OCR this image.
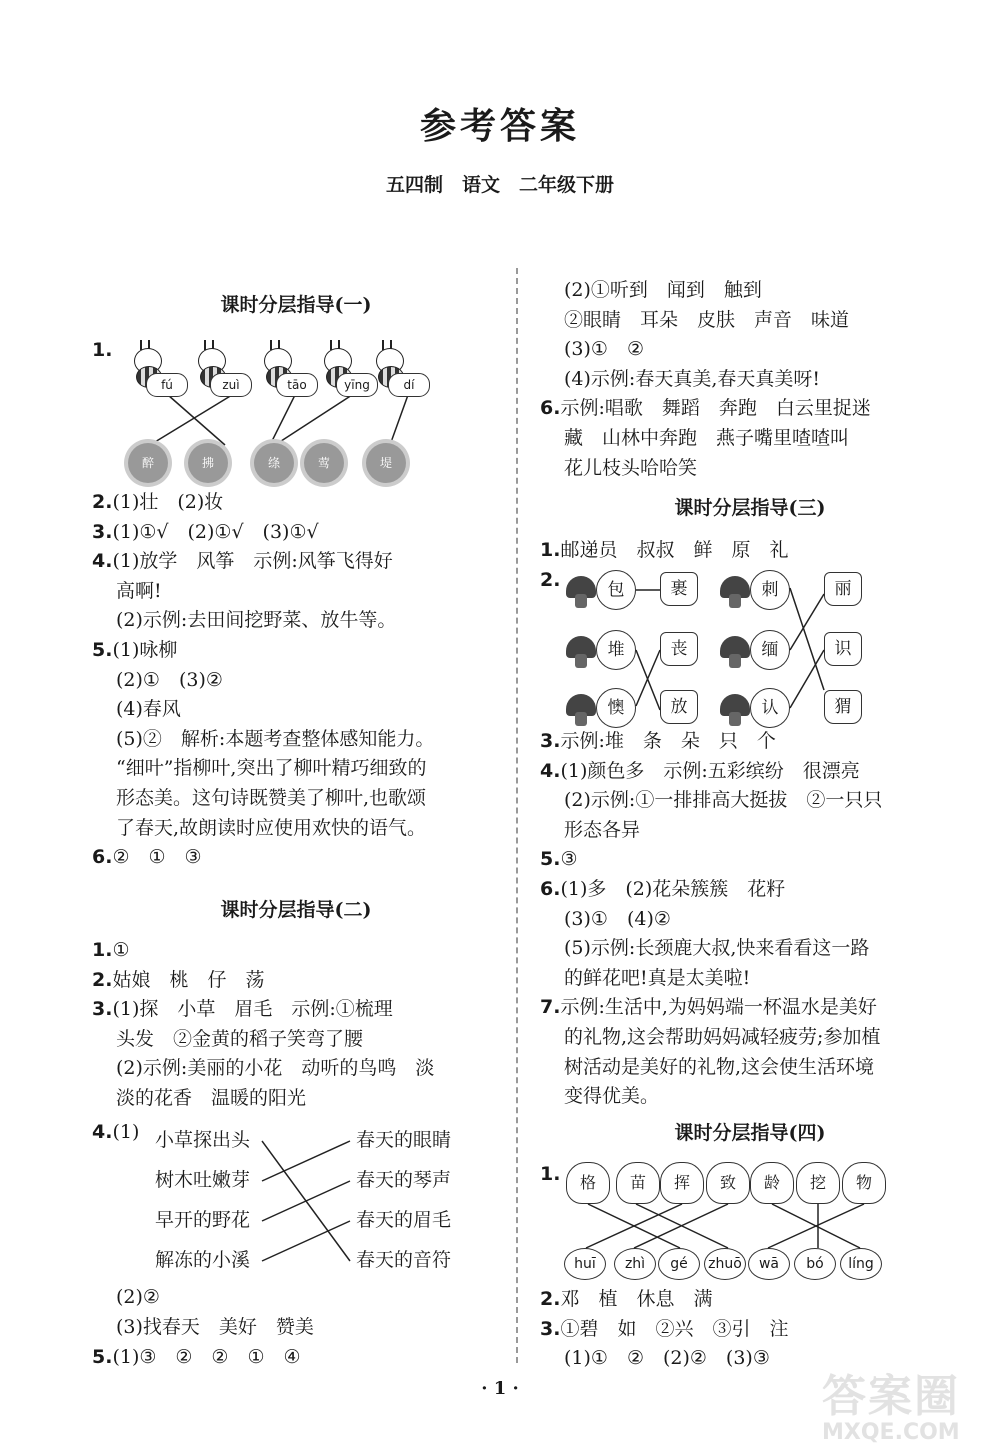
参考答案
五四制　语文　二年级下册
课时分层指导(一)
1.
fú	zuì	tāo	yīng	dí
醉	拂	绦	莺	堤
2.(1)壮　(2)妆
3.(1)①√　(2)①√　(3)①√
4.(1)放学　风筝　示例:风筝飞得好
高啊!
(2)示例:去田间挖野菜、放牛等。
5.(1)咏柳
(2)①　(3)②
(4)春风
(5)②　解析:本题考查整体感知能力。
“细叶”指柳叶,突出了柳叶精巧细致的
形态美。这句诗既赞美了柳叶,也歌颂
了春天,故朗读时应使用欢快的语气。
6.②　①　③
课时分层指导(二)
1.①
2.姑娘　桃　仔　荡
3.(1)探　小草　眉毛　示例:①梳理
头发　②金黄的稻子笑弯了腰
(2)示例:美丽的小花　动听的鸟鸣　淡
淡的花香　温暖的阳光
4.(1) 小草探出头
树木吐嫩芽
早开的野花
解冻的小溪
春天的眼睛
春天的琴声
春天的眉毛
春天的音符
(2)②
(3)找春天　美好　赞美
5.(1)③　②　②　①　④
(2)①听到　闻到　触到
②眼睛　耳朵　皮肤　声音　味道
(3)①　②
(4)示例:春天真美,春天真美呀!
6.示例:唱歌　舞蹈　奔跑　白云里捉迷
藏　山林中奔跑　燕子嘴里喳喳叫
花儿枝头哈哈笑
课时分层指导(三)
1.邮递员　叔叔　鲜　原　礼
2.	包
堆
懊
裹
丧
放
刺
缅
认
丽
识
猬
3.示例:堆　条　朵　只　个
4.(1)颜色多　示例:五彩缤纷　很漂亮
(2)示例:①一排排高大挺拔　②一只只
形态各异
5.③
6.(1)多　(2)花朵簇簇　花籽
(3)①　(4)②
(5)示例:长颈鹿大叔,快来看看这一路
的鲜花吧!真是太美啦!
7.示例:生活中,为妈妈端一杯温水是美好
的礼物,这会帮助妈妈减轻疲劳;参加植
树活动是美好的礼物,这会使生活环境
变得优美。
课时分层指导(四)
1.	格	苗	挥	致	龄	挖	物
huī	zhì	gé	zhuō	wā	bó	líng
2.邓　植　休息　满
3.①碧　如　②兴　③引　注
(1)①　②　(2)②　(3)③
· 1 ·	答案圈
MXQE.COM
